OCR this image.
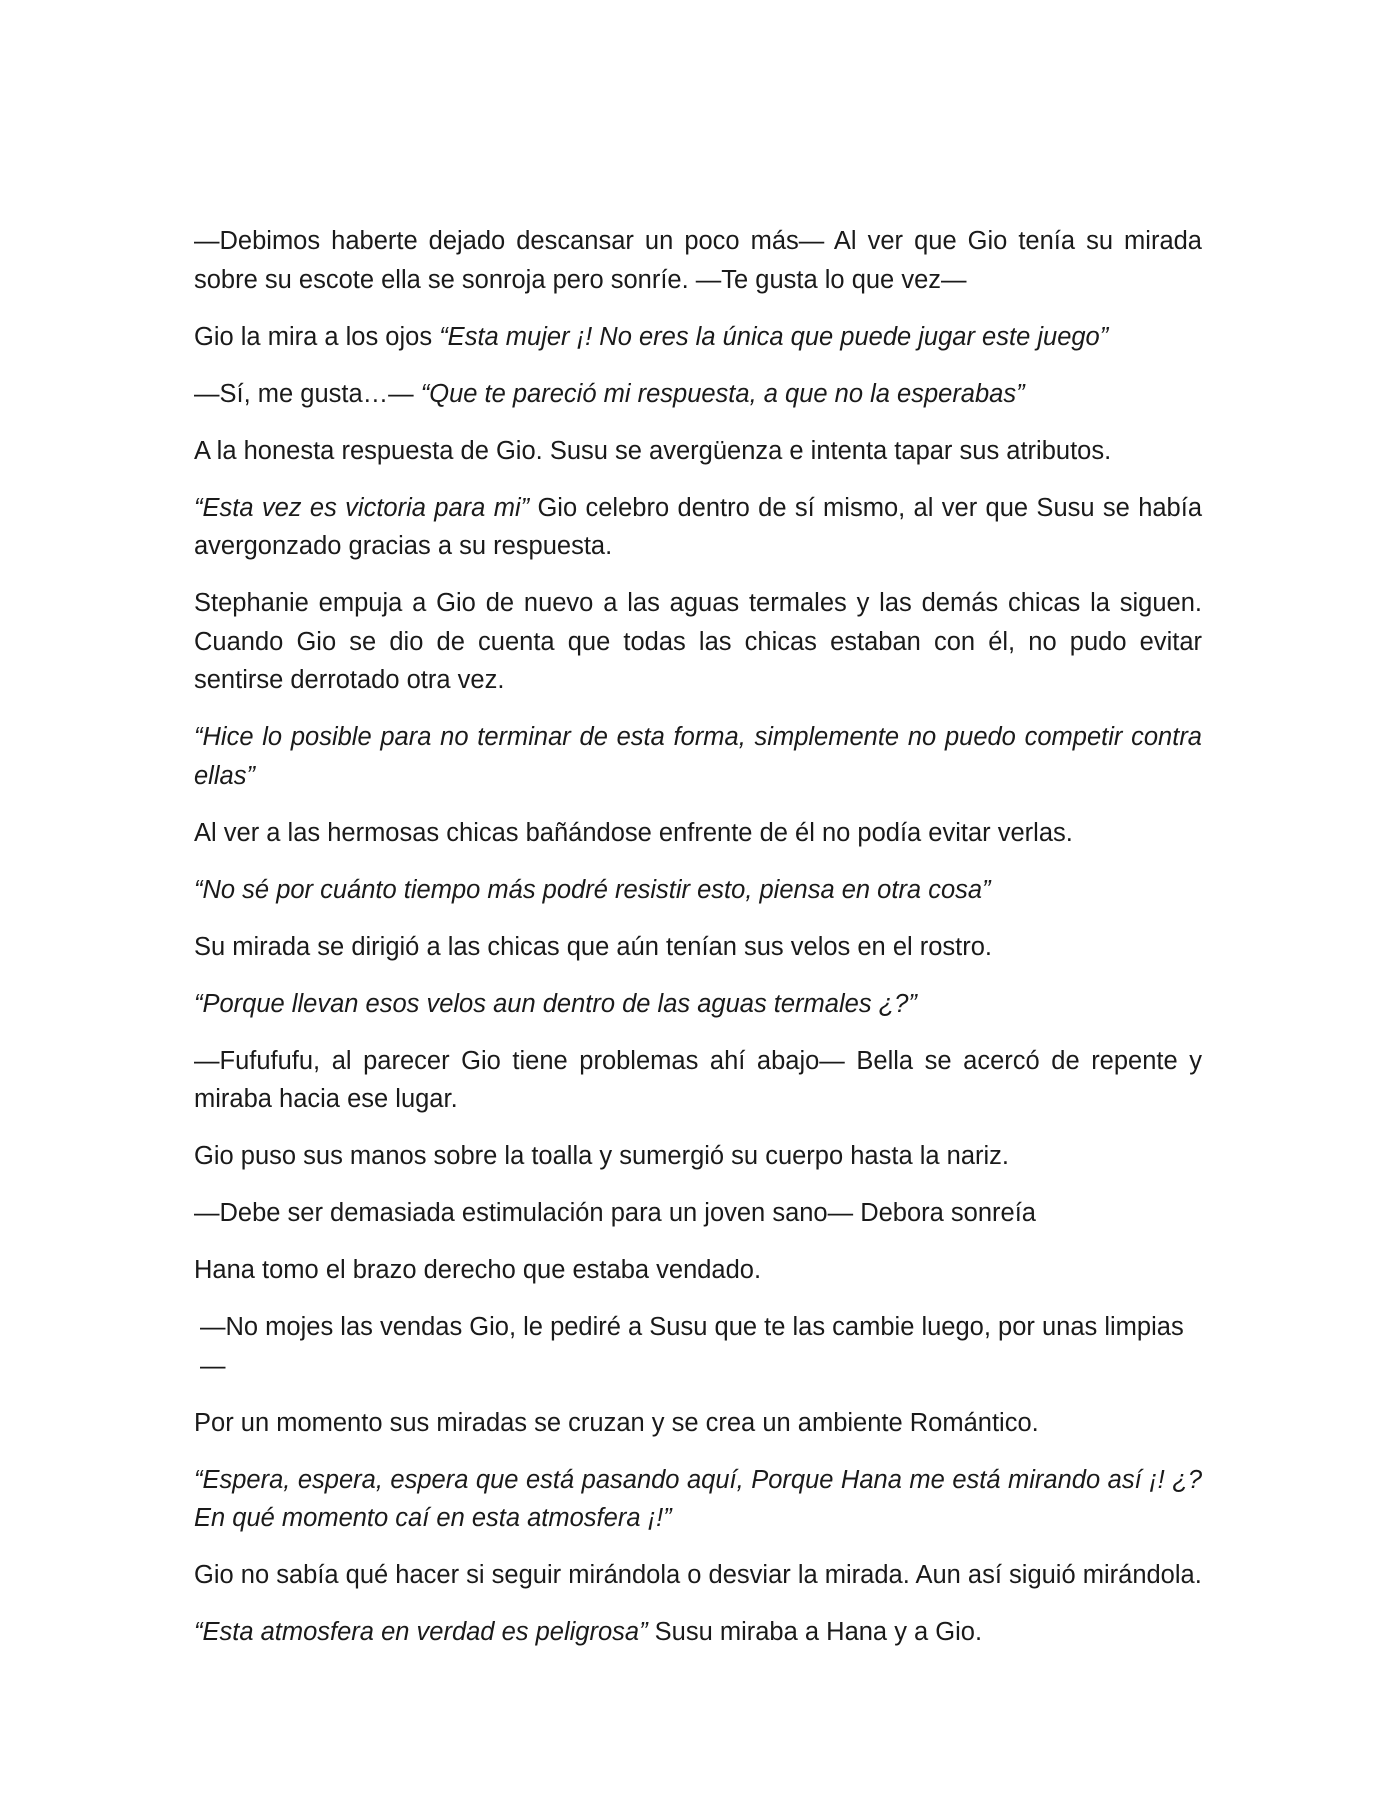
—Debimos haberte dejado descansar un poco más— Al ver que Gio tenía su mirada sobre su escote ella se sonroja pero sonríe. —Te gusta lo que vez—

Gio la mira a los ojos “Esta mujer ¡! No eres la única que puede jugar este juego”

—Sí, me gusta…— “Que te pareció mi respuesta, a que no la esperabas”

A la honesta respuesta de Gio. Susu se avergüenza e intenta tapar sus atributos.

“Esta vez es victoria para mi” Gio celebro dentro de sí mismo, al ver que Susu se había avergonzado gracias a su respuesta.

Stephanie empuja a Gio de nuevo a las aguas termales y las demás chicas la siguen. Cuando Gio se dio de cuenta que todas las chicas estaban con él, no pudo evitar sentirse derrotado otra vez.

“Hice lo posible para no terminar de esta forma, simplemente no puedo competir contra ellas”

Al ver a las hermosas chicas bañándose enfrente de él no podía evitar verlas.

“No sé por cuánto tiempo más podré resistir esto, piensa en otra cosa”

Su mirada se dirigió a las chicas que aún tenían sus velos en el rostro.

“Porque llevan esos velos aun dentro de las aguas termales ¿?”

—Fufufufu, al parecer Gio tiene problemas ahí abajo— Bella se acercó de repente y miraba hacia ese lugar.

Gio puso sus manos sobre la toalla y sumergió su cuerpo hasta la nariz.

—Debe ser demasiada estimulación para un joven sano— Debora sonreía

Hana tomo el brazo derecho que estaba vendado.

—No mojes las vendas Gio, le pediré a Susu que te las cambie luego, por unas limpias—

Por un momento sus miradas se cruzan y se crea un ambiente Romántico.

“Espera, espera, espera que está pasando aquí, Porque Hana me está mirando así ¡! ¿? En qué momento caí en esta atmosfera ¡!”

Gio no sabía qué hacer si seguir mirándola o desviar la mirada. Aun así siguió mirándola.

“Esta atmosfera en verdad es peligrosa” Susu miraba a Hana y a Gio.
